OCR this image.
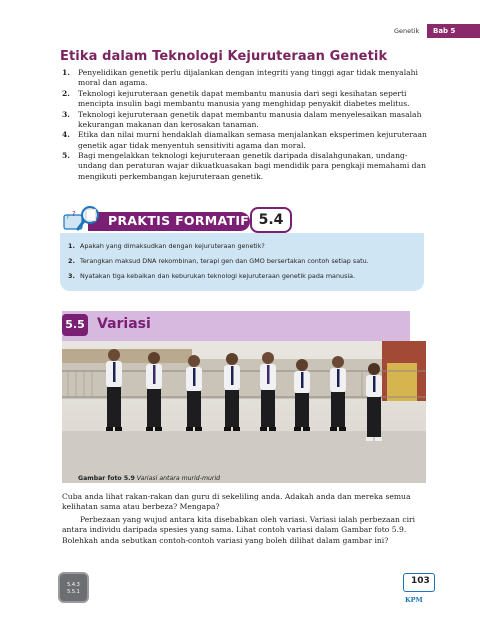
Genetik	Bab 5
Etika dalam Teknologi Kejuruteraan Genetik
1. Penyelidikan genetik perlu dijalankan dengan integriti yang tinggi agar tidak menyalahi moral dan agama.
2. Teknologi kejuruteraan genetik dapat membantu manusia dari segi kesihatan seperti mencipta insulin bagi membantu manusia yang menghidap penyakit diabetes melitus.
3. Teknologi kejuruteraan genetik dapat membantu manusia dalam menyelesaikan masalah kekurangan makanan dan kerosakan tanaman.
4. Etika dan nilai murni hendaklah diamalkan semasa menjalankan eksperimen kejuruteraan genetik agar tidak menyentuh sensitiviti agama dan moral.
5. Bagi mengelakkan teknologi kejuruteraan genetik daripada disalahgunakan, undang-undang dan peraturan wajar dikuatkuasakan bagi mendidik para pengkaji memahami dan mengikuti perkembangan kejuruteraan genetik.
? ?	PRAKTIS FORMATIF 5.4
1. Apakah yang dimaksudkan dengan kejuruteraan genetik?
2. Terangkan maksud DNA rekombinan, terapi gen dan GMO bersertakan contoh setiap satu.
3. Nyatakan tiga kebaikan dan keburukan teknologi kejuruteraan genetik pada manusia.
5.5 Variasi
Gambar foto 5.9 Variasi antara murid-murid

Cuba anda lihat rakan-rakan dan guru di sekeliling anda. Adakah anda dan mereka semua kelihatan sama atau berbeza? Mengapa?

Perbezaan yang wujud antara kita disebabkan oleh variasi. Variasi ialah perbezaan ciri antara individu daripada spesies yang sama. Lihat contoh variasi dalam Gambar foto 5.9. Bolehkah anda sebutkan contoh-contoh variasi yang boleh dilihat dalam gambar ini?

5.4.3
5.5.1
103
KPM
